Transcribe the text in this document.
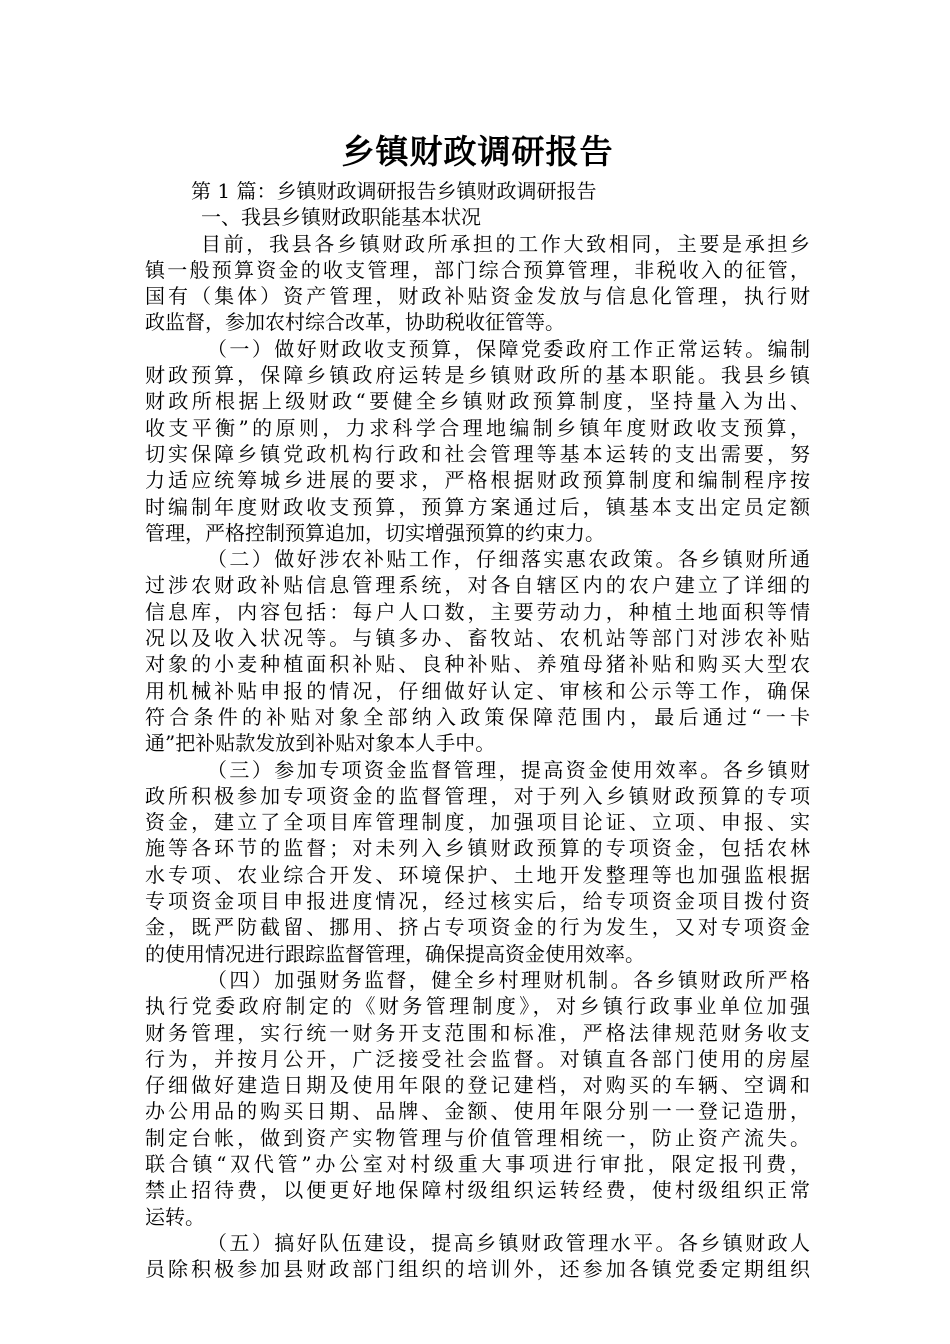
乡镇财政调研报告

第 1 篇：乡镇财政调研报告乡镇财政调研报告

一、我县乡镇财政职能基本状况

目前，我县各乡镇财政所承担的工作大致相同，主要是承担乡

镇一般预算资金的收支管理，部门综合预算管理，非税收入的征管，

国有（集体）资产管理，财政补贴资金发放与信息化管理，执行财

政监督，参加农村综合改革，协助税收征管等。

（一）做好财政收支预算，保障党委政府工作正常运转。编制

财政预算，保障乡镇政府运转是乡镇财政所的基本职能。我县乡镇

财政所根据上级财政“要健全乡镇财政预算制度，坚持量入为出、

收支平衡”的原则，力求科学合理地编制乡镇年度财政收支预算，

切实保障乡镇党政机构行政和社会管理等基本运转的支出需要，努

力适应统筹城乡进展的要求，严格根据财政预算制度和编制程序按

时编制年度财政收支预算，预算方案通过后，镇基本支出定员定额

管理，严格控制预算追加，切实增强预算的约束力。

（二）做好涉农补贴工作，仔细落实惠农政策。各乡镇财所通

过涉农财政补贴信息管理系统，对各自辖区内的农户建立了详细的

信息库，内容包括：每户人口数，主要劳动力，种植土地面积等情

况以及收入状况等。与镇多办、畜牧站、农机站等部门对涉农补贴

对象的小麦种植面积补贴、良种补贴、养殖母猪补贴和购买大型农

用机械补贴申报的情况，仔细做好认定、审核和公示等工作，确保

符合条件的补贴对象全部纳入政策保障范围内，最后通过“一卡

通”把补贴款发放到补贴对象本人手中。

（三）参加专项资金监督管理，提高资金使用效率。各乡镇财

政所积极参加专项资金的监督管理，对于列入乡镇财政预算的专项

资金，建立了全项目库管理制度，加强项目论证、立项、申报、实

施等各环节的监督；对未列入乡镇财政预算的专项资金，包括农林

水专项、农业综合开发、环境保护、土地开发整理等也加强监根据

专项资金项目申报进度情况，经过核实后，给专项资金项目拨付资

金，既严防截留、挪用、挤占专项资金的行为发生，又对专项资金

的使用情况进行跟踪监督管理，确保提高资金使用效率。

（四）加强财务监督，健全乡村理财机制。各乡镇财政所严格

执行党委政府制定的《财务管理制度》，对乡镇行政事业单位加强

财务管理，实行统一财务开支范围和标准，严格法律规范财务收支

行为，并按月公开，广泛接受社会监督。对镇直各部门使用的房屋

仔细做好建造日期及使用年限的登记建档，对购买的车辆、空调和

办公用品的购买日期、品牌、金额、使用年限分别一一登记造册，

制定台帐，做到资产实物管理与价值管理相统一，防止资产流失。

联合镇“双代管”办公室对村级重大事项进行审批，限定报刊费，

禁止招待费，以便更好地保障村级组织运转经费，使村级组织正常

运转。

（五）搞好队伍建设，提高乡镇财政管理水平。各乡镇财政人

员除积极参加县财政部门组织的培训外，还参加各镇党委定期组织
